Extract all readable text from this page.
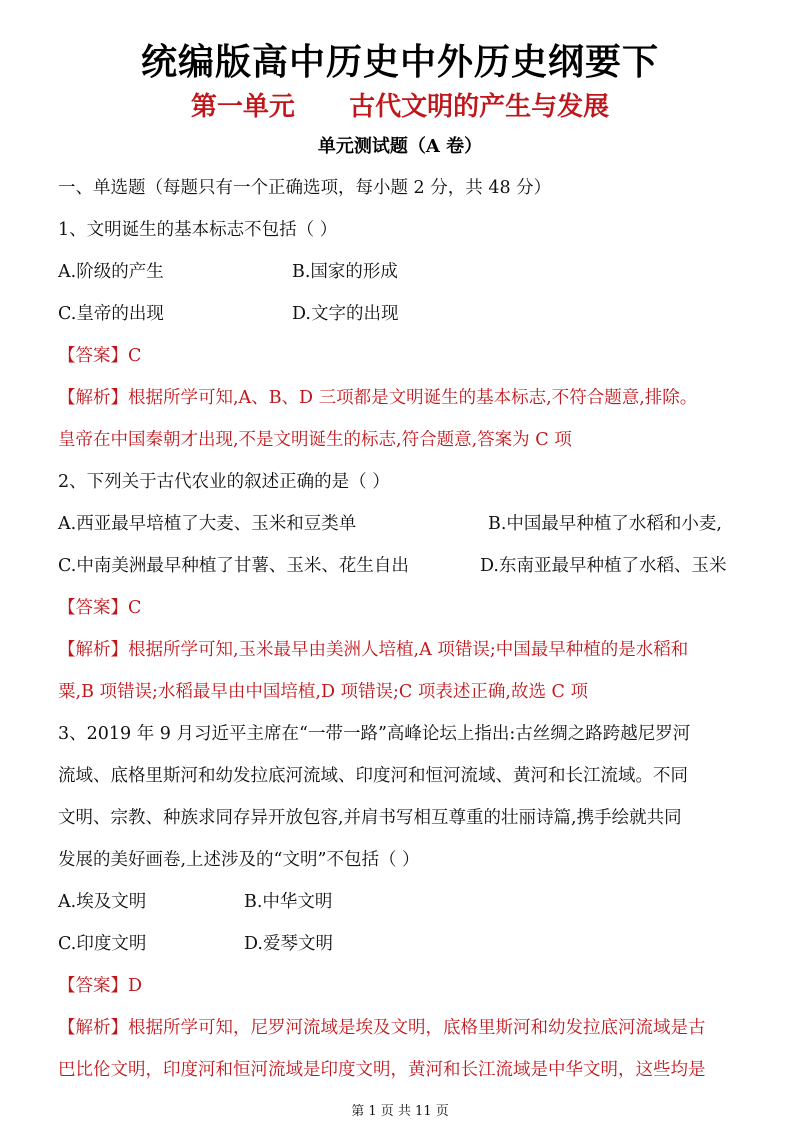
统编版高中历史中外历史纲要下
第一单元      古代文明的产生与发展
单元测试题（A 卷）
一、单选题（每题只有一个正确选项，每小题 2 分，共 48 分）
1、文明诞生的基本标志不包括（ ）
A.阶级的产生	B.国家的形成
C.皇帝的出现	D.文字的出现
【答案】C
【解析】根据所学可知,A、B、D 三项都是文明诞生的基本标志,不符合题意,排除。
皇帝在中国秦朝才出现,不是文明诞生的标志,符合题意,答案为 C 项
2、下列关于古代农业的叙述正确的是（ ）
A.西亚最早培植了大麦、玉米和豆类单	B.中国最早种植了水稻和小麦,
C.中南美洲最早种植了甘薯、玉米、花生自出	D.东南亚最早种植了水稻、玉米
【答案】C
【解析】根据所学可知,玉米最早由美洲人培植,A 项错误;中国最早种植的是水稻和
粟,B 项错误;水稻最早由中国培植,D 项错误;C 项表述正确,故选 C 项
3、2019 年 9 月习近平主席在“一带一路”高峰论坛上指出:古丝绸之路跨越尼罗河
流域、底格里斯河和幼发拉底河流域、印度河和恒河流域、黄河和长江流域。不同
文明、宗教、种族求同存异开放包容,并肩书写相互尊重的壮丽诗篇,携手绘就共同
发展的美好画卷,上述涉及的“文明”不包括（ ）
A.埃及文明	B.中华文明
C.印度文明	D.爱琴文明
【答案】D
【解析】根据所学可知，尼罗河流域是埃及文明，底格里斯河和幼发拉底河流域是古
巴比伦文明，印度河和恒河流域是印度文明，黄河和长江流域是中华文明，这些均是
第 1 页 共 11 页
